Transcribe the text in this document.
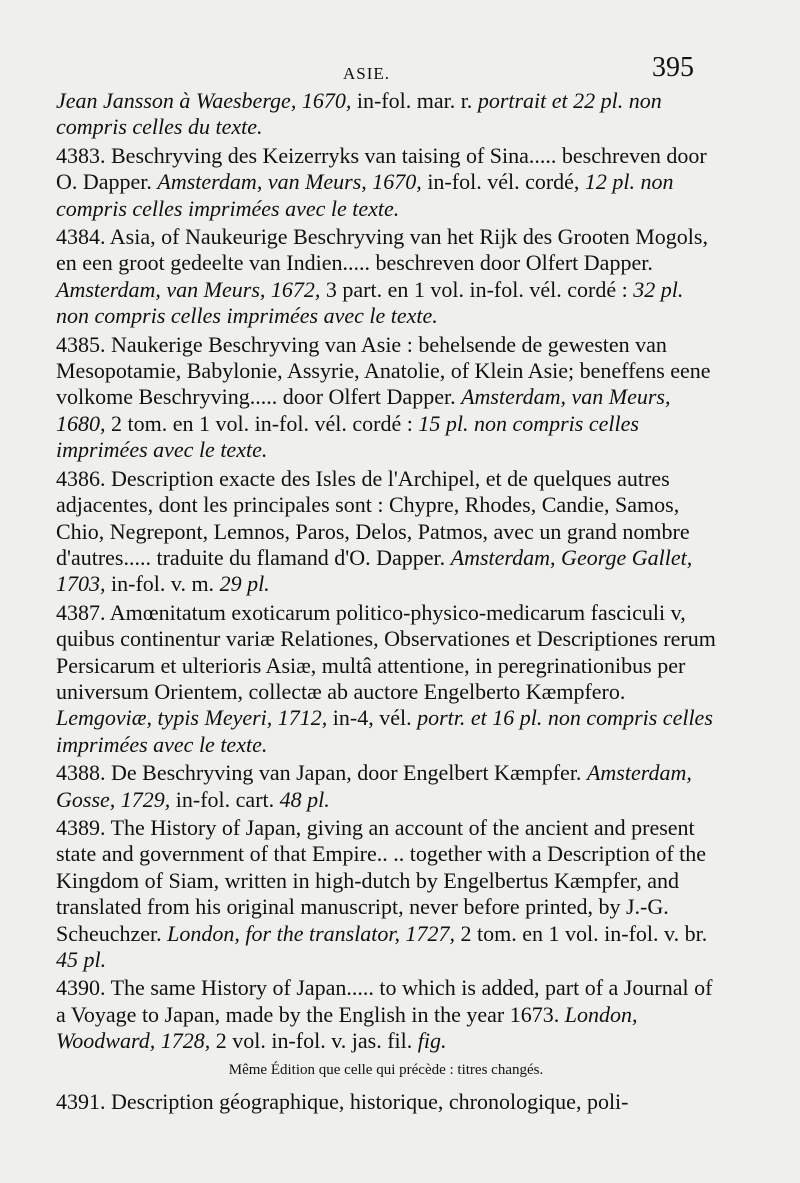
ASIE.	395

Jean Jansson à Waesberge, 1670, in-fol. mar. r. portrait et 22 pl. non compris celles du texte.

4383. Beschryving des Keizerryks van taising of Sina..... beschreven door O. Dapper. Amsterdam, van Meurs, 1670, in-fol. vél. cordé, 12 pl. non compris celles imprimées avec le texte.

4384. Asia, of Naukeurige Beschryving van het Rijk des Grooten Mogols, en een groot gedeelte van Indien..... beschreven door Olfert Dapper. Amsterdam, van Meurs, 1672, 3 part. en 1 vol. in-fol. vél. cordé : 32 pl. non compris celles imprimées avec le texte.

4385. Naukerige Beschryving van Asie : behelsende de gewesten van Mesopotamie, Babylonie, Assyrie, Anatolie, of Klein Asie; beneffens eene volkome Beschryving..... door Olfert Dapper. Amsterdam, van Meurs, 1680, 2 tom. en 1 vol. in-fol. vél. cordé : 15 pl. non compris celles imprimées avec le texte.

4386. Description exacte des Isles de l'Archipel, et de quelques autres adjacentes, dont les principales sont : Chypre, Rhodes, Candie, Samos, Chio, Negrepont, Lemnos, Paros, Delos, Patmos, avec un grand nombre d'autres..... traduite du flamand d'O. Dapper. Amsterdam, George Gallet, 1703, in-fol. v. m. 29 pl.

4387. Amœnitatum exoticarum politico-physico-medicarum fasciculi v, quibus continentur variæ Relationes, Observationes et Descriptiones rerum Persicarum et ulterioris Asiæ, multâ attentione, in peregrinationibus per universum Orientem, collectæ ab auctore Engelberto Kæmpfero. Lemgoviæ, typis Meyeri, 1712, in-4, vél. portr. et 16 pl. non compris celles imprimées avec le texte.

4388. De Beschryving van Japan, door Engelbert Kæmpfer. Amsterdam, Gosse, 1729, in-fol. cart. 48 pl.

4389. The History of Japan, giving an account of the ancient and present state and government of that Empire.. .. together with a Description of the Kingdom of Siam, written in high-dutch by Engelbertus Kæmpfer, and translated from his original manuscript, never before printed, by J.-G. Scheuchzer. London, for the translator, 1727, 2 tom. en 1 vol. in-fol. v. br. 45 pl.

4390. The same History of Japan..... to which is added, part of a Journal of a Voyage to Japan, made by the English in the year 1673. London, Woodward, 1728, 2 vol. in-fol. v. jas. fil. fig.

Même Édition que celle qui précède : titres changés.

4391. Description géographique, historique, chronologique, poli-
